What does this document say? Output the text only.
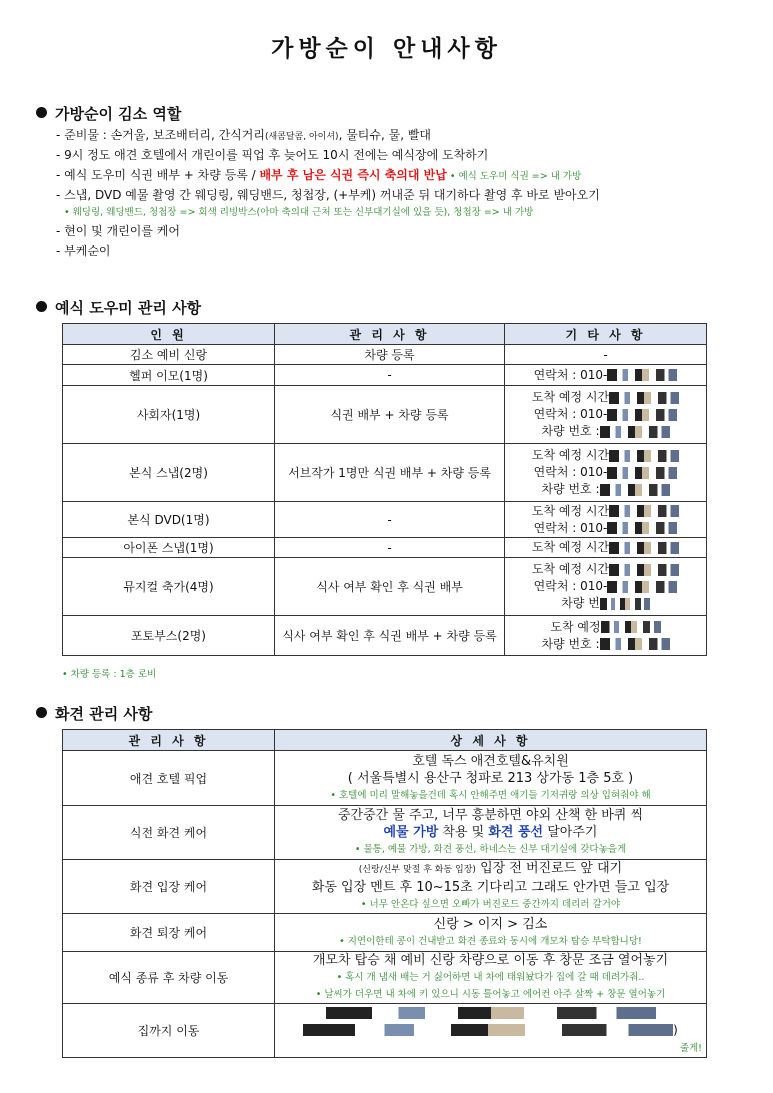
가방순이 안내사항
가방순이 김소 역할
- 준비물 : 손거울, 보조배터리, 간식거리(새콤달콤, 아이셔), 물티슈, 물, 빨대
- 9시 정도 애견 호텔에서 개린이를 픽업 후 늦어도 10시 전에는 예식장에 도착하기
- 예식 도우미 식권 배부 + 차량 등록 / 배부 후 남은 식권 즉시 축의대 반납 • 예식 도우미 식권 => 내 가방
- 스냅, DVD 예물 촬영 간 웨딩링, 웨딩밴드, 청첩장, (+부케) 꺼내준 뒤 대기하다 촬영 후 바로 받아오기
• 웨딩링, 웨딩밴드, 청첩장 => 회색 리빙박스(아마 축의대 근처 또는 신부대기실에 있을 듯), 청첩장 => 내 가방
- 현이 및 개린이를 케어
- 부케순이
예식 도우미 관리 사항
인 원	관 리 사 항	기 타 사 항
김소 예비 신랑	차량 등록	-
헬퍼 이모(1명)	-	연락처 : 010-

사회자(1명)	식권 배부 + 차량 등록	도착 예정 시간
연락처 : 010-
차량 번호 :

본식 스냅(2명)	서브작가 1명만 식권 배부 + 차량 등록	도착 예정 시간
연락처 : 010-
차량 번호 :

본식 DVD(1명)	-	도착 예정 시간
연락처 : 010-

아이폰 스냅(1명)	-	도착 예정 시간

뮤지컬 축가(4명)	식사 여부 확인 후 식권 배부	도착 예정 시간
연락처 : 010-
차량 번

포토부스(2명)	식사 여부 확인 후 식권 배부 + 차량 등록	도착 예정
차량 번호 :
• 차량 등록 : 1층 로비
화견 관리 사항
관 리 사 항	상 세 사 항
애견 호텔 픽업	호텔 독스 애견호텔&유치원
( 서울특별시 용산구 청파로 213 상가동 1층 5호 )
• 호텔에 미리 말해놓을건데 혹시 안해주면 애기들 기저귀랑 의상 입혀줘야 해

식전 화견 케어	중간중간 물 주고, 너무 흥분하면 야외 산책 한 바퀴 씩
예물 가방 착용 및 화견 풍선 달아주기
• 물통, 예물 가방, 화견 풍선, 하네스는 신부 대기실에 갖다놓을게

화견 입장 케어	(신랑/신부 맞절 후 화동 입장) 입장 전 버진로드 앞 대기
화동 입장 멘트 후 10~15초 기다리고 그래도 안가면 들고 입장
• 너무 안온다 싶으면 오빠가 버진로드 중간까지 데리러 갈거야

화견 퇴장 케어	신랑 > 이지 > 김소
• 지연이한테 콩이 건내받고 화견 종료와 동시에 개모차 탑승 부탁합니당!

예식 종류 후 차량 이동	개모차 탑승 채 예비 신랑 차량으로 이동 후 창문 조금 열어놓기
• 혹시 개 냄새 배는 거 싫어하면 내 차에 태워놨다가 집에 갈 때 데려가줘..
• 날씨가 더우면 내 차에 키 있으니 시동 틀어놓고 에어컨 아주 살짝 + 창문 열어놓기

집까지 이동	)
줄게!
